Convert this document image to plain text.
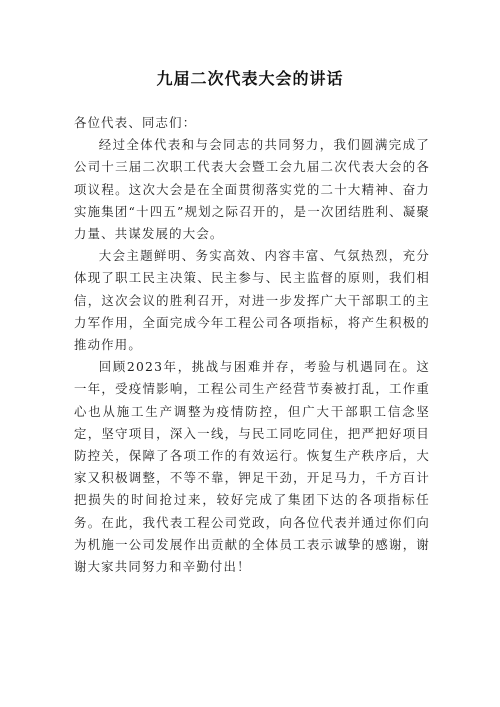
九届二次代表大会的讲话

各位代表、同志们：

经过全体代表和与会同志的共同努力，我们圆满完成了公司十三届二次职工代表大会暨工会九届二次代表大会的各项议程。这次大会是在全面贯彻落实党的二十大精神、奋力实施集团“十四五”规划之际召开的，是一次团结胜利、凝聚力量、共谋发展的大会。

大会主题鲜明、务实高效、内容丰富、气氛热烈，充分体现了职工民主决策、民主参与、民主监督的原则，我们相信，这次会议的胜利召开，对进一步发挥广大干部职工的主力军作用，全面完成今年工程公司各项指标，将产生积极的推动作用。

回顾2023年，挑战与困难并存，考验与机遇同在。这一年，受疫情影响，工程公司生产经营节奏被打乱，工作重心也从施工生产调整为疫情防控，但广大干部职工信念坚定，坚守项目，深入一线，与民工同吃同住，把严把好项目防控关，保障了各项工作的有效运行。恢复生产秩序后，大家又积极调整，不等不靠，钾足干劲，开足马力，千方百计把损失的时间抢过来，较好完成了集团下达的各项指标任务。在此，我代表工程公司党政，向各位代表并通过你们向为机施一公司发展作出贡献的全体员工表示诚挚的感谢，谢谢大家共同努力和辛勤付出！
